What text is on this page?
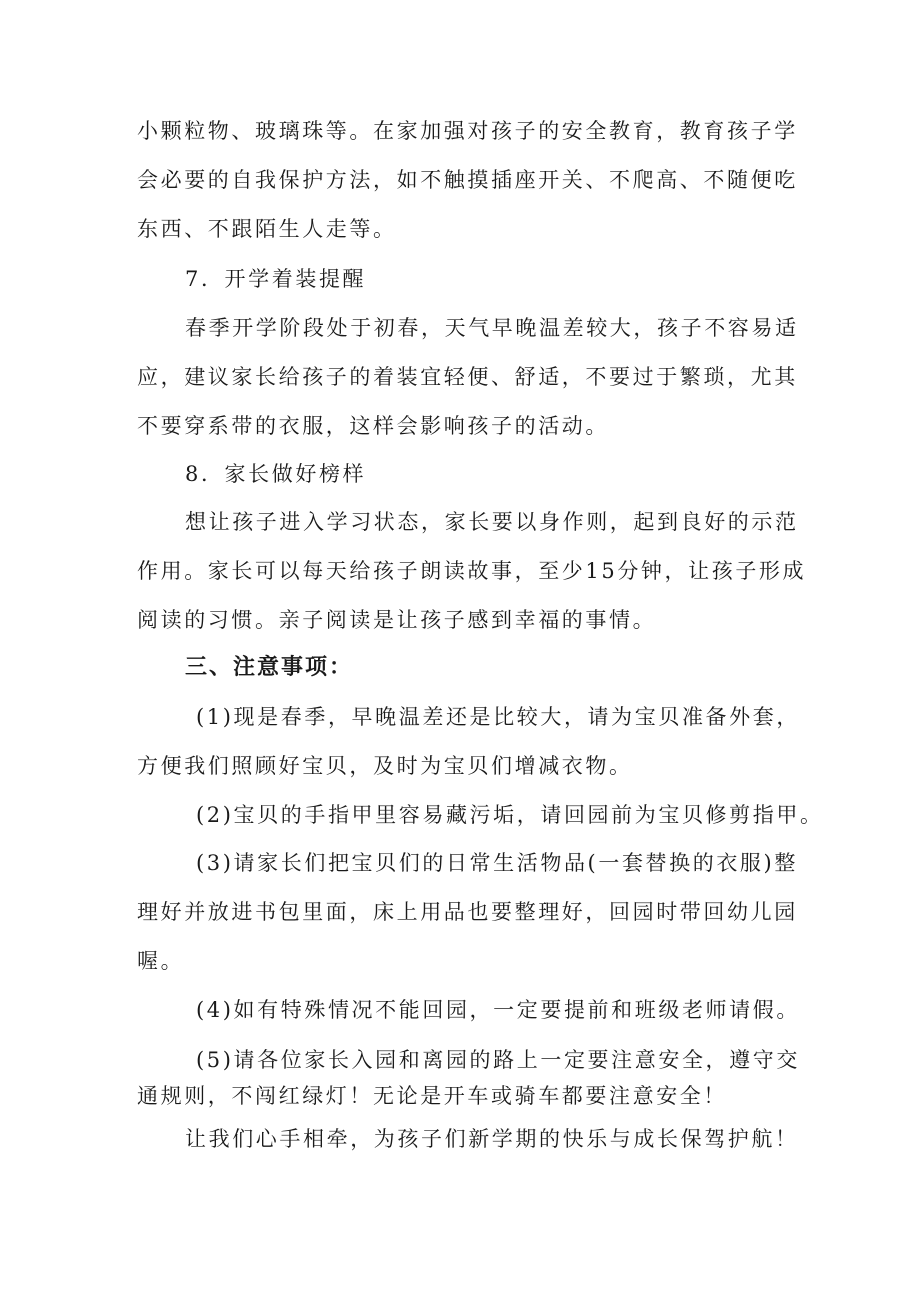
小颗粒物、玻璃珠等。在家加强对孩子的安全教育，教育孩子学
会必要的自我保护方法，如不触摸插座开关、不爬高、不随便吃
东西、不跟陌生人走等。
7．开学着装提醒
春季开学阶段处于初春，天气早晚温差较大，孩子不容易适
应，建议家长给孩子的着装宜轻便、舒适，不要过于繁琐，尤其
不要穿系带的衣服，这样会影响孩子的活动。
8．家长做好榜样
想让孩子进入学习状态，家长要以身作则，起到良好的示范
作用。家长可以每天给孩子朗读故事，至少15分钟，让孩子形成
阅读的习惯。亲子阅读是让孩子感到幸福的事情。
三、注意事项：
(1)现是春季，早晚温差还是比较大，请为宝贝准备外套，
方便我们照顾好宝贝，及时为宝贝们增减衣物。
(2)宝贝的手指甲里容易藏污垢，请回园前为宝贝修剪指甲。
(3)请家长们把宝贝们的日常生活物品(一套替换的衣服)整
理好并放进书包里面，床上用品也要整理好，回园时带回幼儿园
喔。
(4)如有特殊情况不能回园，一定要提前和班级老师请假。
(5)请各位家长入园和离园的路上一定要注意安全，遵守交
通规则，不闯红绿灯！无论是开车或骑车都要注意安全！
让我们心手相牵，为孩子们新学期的快乐与成长保驾护航！
